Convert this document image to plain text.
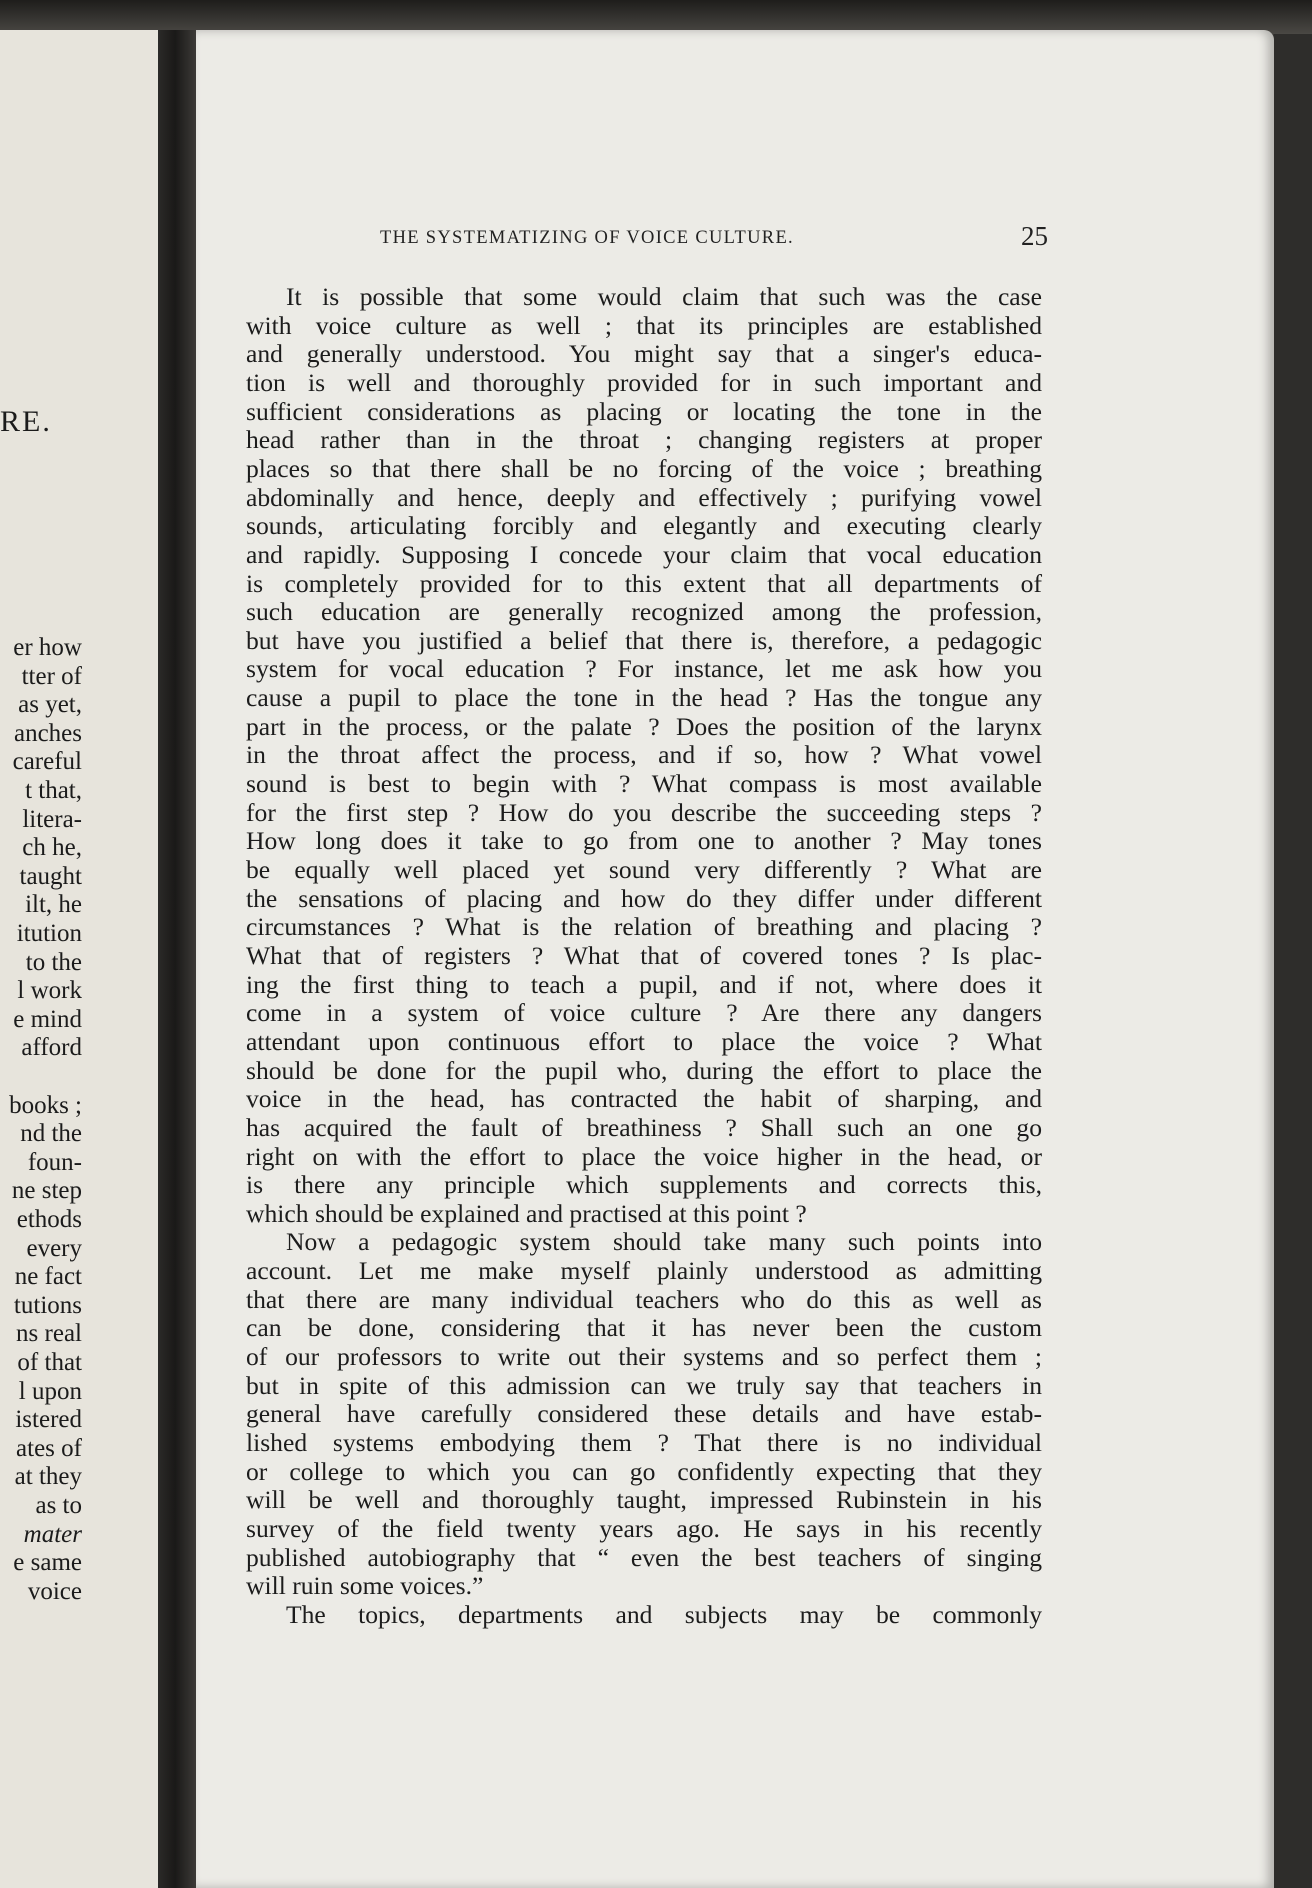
RE.
er how
tter of
as yet,
anches
careful
t that,
litera-
ch he,
taught
ilt, he
itution
to the
l work
e mind
afford
books ;
nd the
foun-
ne step
ethods
every
ne fact
tutions
ns real
of that
l upon
istered
ates of
at they
as to
mater
e same
voice
THE SYSTEMATIZING OF VOICE CULTURE.	25
It is possible that some would claim that such was the case
with voice culture as well ; that its principles are established
and generally understood. You might say that a singer's educa-
tion is well and thoroughly provided for in such important and
sufficient considerations as placing or locating the tone in the
head rather than in the throat ; changing registers at proper
places so that there shall be no forcing of the voice ; breathing
abdominally and hence, deeply and effectively ; purifying vowel
sounds, articulating forcibly and elegantly and executing clearly
and rapidly. Supposing I concede your claim that vocal education
is completely provided for to this extent that all departments of
such education are generally recognized among the profession,
but have you justified a belief that there is, therefore, a pedagogic
system for vocal education ? For instance, let me ask how you
cause a pupil to place the tone in the head ? Has the tongue any
part in the process, or the palate ? Does the position of the larynx
in the throat affect the process, and if so, how ? What vowel
sound is best to begin with ? What compass is most available
for the first step ? How do you describe the succeeding steps ?
How long does it take to go from one to another ? May tones
be equally well placed yet sound very differently ? What are
the sensations of placing and how do they differ under different
circumstances ? What is the relation of breathing and placing ?
What that of registers ? What that of covered tones ? Is plac-
ing the first thing to teach a pupil, and if not, where does it
come in a system of voice culture ? Are there any dangers
attendant upon continuous effort to place the voice ? What
should be done for the pupil who, during the effort to place the
voice in the head, has contracted the habit of sharping, and
has acquired the fault of breathiness ? Shall such an one go
right on with the effort to place the voice higher in the head, or
is there any principle which supplements and corrects this,
which should be explained and practised at this point ?
Now a pedagogic system should take many such points into
account. Let me make myself plainly understood as admitting
that there are many individual teachers who do this as well as
can be done, considering that it has never been the custom
of our professors to write out their systems and so perfect them ;
but in spite of this admission can we truly say that teachers in
general have carefully considered these details and have estab-
lished systems embodying them ? That there is no individual
or college to which you can go confidently expecting that they
will be well and thoroughly taught, impressed Rubinstein in his
survey of the field twenty years ago. He says in his recently
published autobiography that “ even the best teachers of singing
will ruin some voices.”
The topics, departments and subjects may be commonly
